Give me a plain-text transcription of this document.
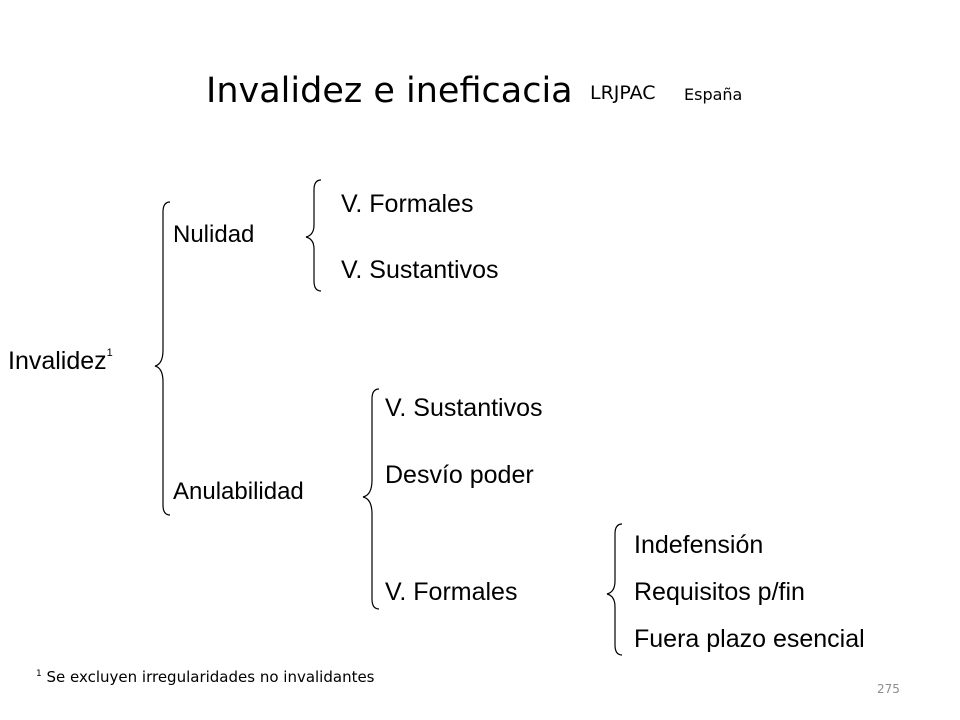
Invalidez e ineficacia LRJPAC España
Invalidez$^1$
Nulidad
V. Formales
V. Sustantivos
Anulabilidad
V. Sustantivos
Desvío poder
V. Formales
Indefensión
Requisitos p/fin
Fuera plazo esencial
$^1$ Se excluyen irregularidades no invalidantes
275
